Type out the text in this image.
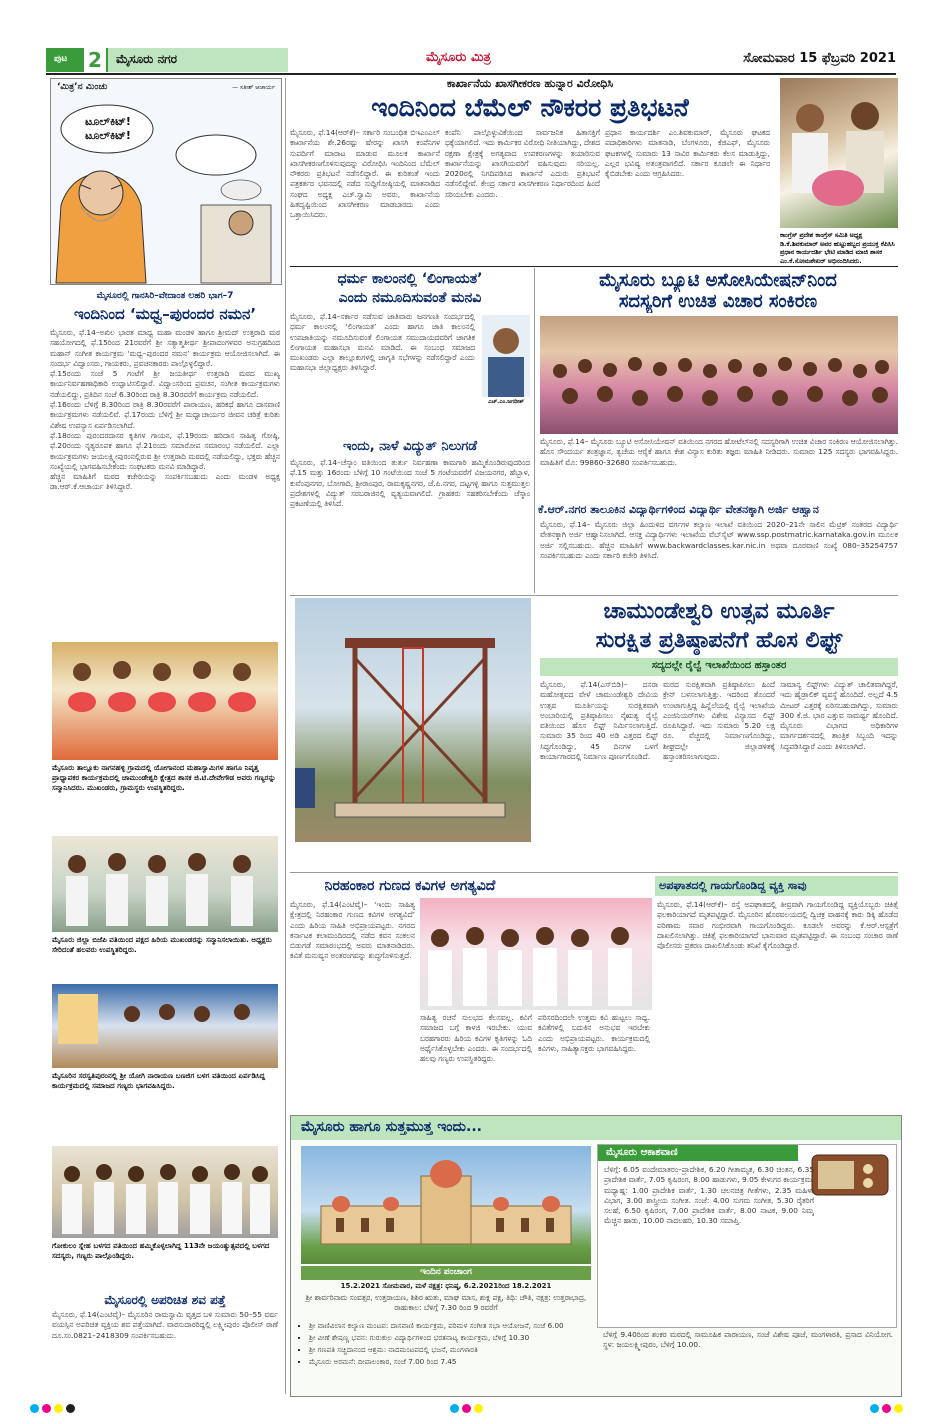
ಪುಟ 2	ಮೈಸೂರು ನಗರ	ಮೈಸೂರು ಮಿತ್ರ	ಸೋಮವಾರ 15 ಫೆಬ್ರವರಿ 2021
‘ಮಿತ್ರ’ನ ಮಿಂಚು	— ಸತೀಶ್ ಆಚಾರ್ಯ
ಟೂಲ್‌ಕಿಟ್! ಟೂಲ್‌ಕಿಟ್!
ಕಾರ್ಖಾನೆಯ ಖಾಸಗೀಕರಣ ಹುನ್ನಾರ ವಿರೋಧಿಸಿ
ಇಂದಿನಿಂದ ಬೆಮೆಲ್ ನೌಕರರ ಪ್ರತಿಭಟನೆ
ಮೈಸೂರು, ಫೆ.14(ಆರ್‌ಕೆ)– ಸರ್ಕಾರಿ ಸಂಬಂಧಿತ ಬಿಇಎಂಎಲ್ ಕಾರ್ಖಾನೆಯ ಶೇ.26ರಷ್ಟು ಷೇರನ್ನು ಖಾಸಗಿ ಕಂಪೆನಿಗಳ ಸುಪರ್ದಿಗೆ ಮಾರಾಟ ಮಾಡುವ ಮೂಲಕ ಕಾರ್ಖಾನೆ ಖಾಸಗೀಕರಣಗೊಳಿಸುವುದನ್ನು ವಿರೋಧಿಸಿ ಇಂದಿನಿಂದ ಬೆಮೆಲ್ ನೌಕರರು ಪ್ರತಿಭಟನೆ ನಡೆಸಲಿದ್ದಾರೆ. ಈ ಕುರಿತಂತೆ ಇಂದು ಪತ್ರಕರ್ತರ ಭವನದಲ್ಲಿ ನಡೆದ ಸುದ್ದಿಗೋಷ್ಠಿಯಲ್ಲಿ ಮಾತನಾಡಿದ ಸಂಘದ ಅಧ್ಯಕ್ಷ ಎಚ್.ಸ್ವಾಮಿ ಅವರು, ಕಾರ್ಖಾನೆಯ ಹಿತದೃಷ್ಟಿಯಿಂದ ಖಾಸಗೀಕರಣ ಮಾಡಬಾರದು ಎಂದು ಒತ್ತಾಯಿಸಿದರು.
ಕಂಪೆನಿ ಪಾಲ್ಗೊಳ್ಳುವಿಕೆಯಿಂದ ಸಾರ್ವಜನಿಕ ಹಿತಾಸಕ್ತಿಗೆ ಧಕ್ಕೆಯಾಗಲಿದೆ. ಇದು ಕಾರ್ಮಿಕರ ವಿರೋಧಿ ನೀತಿಯಾಗಿದ್ದು, ದೇಶದ ರಕ್ಷಣಾ ಕ್ಷೇತ್ರಕ್ಕೆ ಅಗತ್ಯವಾದ ಉಪಕರಣಗಳನ್ನು ತಯಾರಿಸುವ ಕಾರ್ಖಾನೆಯನ್ನು ಖಾಸಗಿಯವರಿಗೆ ವಹಿಸುವುದು ಸರಿಯಲ್ಲ. 2020ರಲ್ಲಿ ನಿಗದಿಪಡಿಸಿದ ಕಾರ್ಖಾನೆ ಎದುರು ಪ್ರತಿಭಟನೆ ನಡೆಸಲಿದ್ದೇವೆ. ಕೇಂದ್ರ ಸರ್ಕಾರ ಖಾಸಗೀಕರಣ ನಿರ್ಧಾರದಿಂದ ಹಿಂದೆ ಸರಿಯಬೇಕು ಎಂದರು.
ಪ್ರಧಾನ ಕಾರ್ಯದರ್ಶಿ ಎಂ.ಶಿವಕುಮಾರ್, ಮೈಸೂರು ಘಟಕದ ಪದಾಧಿಕಾರಿಗಳು ಮಾತನಾಡಿ, ಬೆಂಗಳೂರು, ಕೆಜಿಎಫ್, ಮೈಸೂರು ಘಟಕಗಳಲ್ಲಿ ಸುಮಾರು 13 ಸಾವಿರ ಕಾರ್ಮಿಕರು ಕೆಲಸ ಮಾಡುತ್ತಿದ್ದು, ಎಲ್ಲರ ಭವಿಷ್ಯ ಅತಂತ್ರವಾಗಲಿದೆ. ಸರ್ಕಾರ ಕೂಡಲೇ ಈ ನಿರ್ಧಾರ ಕೈಬಿಡಬೇಕು ಎಂದು ಆಗ್ರಹಿಸಿದರು.
ಕಾಂಗ್ರೆಸ್ ಪ್ರದೇಶ ಕಾಂಗ್ರೆಸ್ ಸಮಿತಿ ಅಧ್ಯಕ್ಷ ಡಿ.ಕೆ.ಶಿವಕುಮಾರ್ ಅವರ ಹುಟ್ಟುಹಬ್ಬದ ಪ್ರಯುಕ್ತ ಕೆಪಿಸಿಸಿ ಪ್ರಧಾನ ಕಾರ್ಯದರ್ಶಿ ಭೇಟಿ ಮಾಡಿದ ಮಾಜಿ ಶಾಸಕ ಎಂ.ಕೆ.ಸೋಮಶೇಖರ್ ಅಭಿನಂದಿಸಿದರು.
ಮೈಸೂರಲ್ಲಿ ಗಾನಸಿರಿ–ವೇದಾಂತ ಲಹರಿ ಭಾಗ–7
ಇಂದಿನಿಂದ ‘ಮಧ್ವ–ಪುರಂದರ ನಮನ’
ಮೈಸೂರು, ಫೆ.14–ಅಖಿಲ ಭಾರತ ಮಾಧ್ವ ಮಹಾ ಮಂಡಳಿ ಹಾಗೂ ಶ್ರೀಮದ್ ಉತ್ತರಾದಿ ಮಠ ಸಹಯೋಗದಲ್ಲಿ ಫೆ.15ರಿಂದ 21ರವರೆಗೆ ಶ್ರೀ ಸತ್ಯಾತ್ಮತೀರ್ಥ ಶ್ರೀಪಾದಂಗಳವರ ಅನುಗ್ರಹದಿಂದ ಮಹಾನ್ ಸಂಗೀತ ಕಾರ್ಯಕ್ರಮ ‘ಮಧ್ವ–ಪುರಂದರ ನಮನ’ ಕಾರ್ಯಕ್ರಮ ಆಯೋಜಿಸಲಾಗಿದೆ. ಈ ಸಂದರ್ಭ ವಿದ್ವಾಂಸರು, ಗಾಯಕರು, ಪ್ರವಚನಕಾರರು ಪಾಲ್ಗೊಳ್ಳಲಿದ್ದಾರೆ.
ಫೆ.15ರಂದು ಸಂಜೆ 5 ಗಂಟೆಗೆ ಶ್ರೀ ಜಯತೀರ್ಥ ಉತ್ತರಾದಿ ಮಠದ ಮುಖ್ಯ ಕಾರ್ಯನಿರ್ವಹಣಾಧಿಕಾರಿ ಉದ್ಘಾಟಿಸಲಿದ್ದಾರೆ. ವಿದ್ವಾಂಸರಿಂದ ಪ್ರವಚನ, ಸಂಗೀತ ಕಾರ್ಯಕ್ರಮಗಳು ನಡೆಯಲಿದ್ದು, ಪ್ರತಿದಿನ ಸಂಜೆ 6.30ರಿಂದ ರಾತ್ರಿ 8.30ರವರೆಗೆ ಕಾರ್ಯಕ್ರಮ ನಡೆಯಲಿದೆ.
ಫೆ.16ರಂದು ಬೆಳಿಗ್ಗೆ 8.30ರಿಂದ ರಾತ್ರಿ 8.30ರವರೆಗೆ ಪಾರಾಯಣ, ಹರಿಕಥೆ ಹಾಗೂ ದಾಸವಾಣಿ ಕಾರ್ಯಕ್ರಮಗಳು ನಡೆಯಲಿವೆ. ಫೆ.17ರಂದು ಬೆಳಿಗ್ಗೆ ಶ್ರೀ ಮಧ್ವಾಚಾರ್ಯರ ಜೀವನ ಚರಿತ್ರೆ ಕುರಿತು ವಿಶೇಷ ಉಪನ್ಯಾಸ ಏರ್ಪಡಿಸಲಾಗಿದೆ.
ಫೆ.18ರಂದು ಪುರಂದರದಾಸರ ಕೃತಿಗಳ ಗಾಯನ, ಫೆ.19ರಂದು ಹರಿದಾಸ ಸಾಹಿತ್ಯ ಗೋಷ್ಠಿ, ಫೆ.20ರಂದು ನೃತ್ಯರೂಪಕ ಹಾಗೂ ಫೆ.21ರಂದು ಸಮಾರೋಪ ಸಮಾರಂಭ ನಡೆಯಲಿದೆ. ಎಲ್ಲಾ ಕಾರ್ಯಕ್ರಮಗಳು ಜಯಲಕ್ಷ್ಮೀಪುರಂನಲ್ಲಿರುವ ಶ್ರೀ ಉತ್ತರಾದಿ ಮಠದಲ್ಲಿ ನಡೆಯಲಿದ್ದು, ಭಕ್ತರು ಹೆಚ್ಚಿನ ಸಂಖ್ಯೆಯಲ್ಲಿ ಭಾಗವಹಿಸಬೇಕೆಂದು ಸಂಘಟಕರು ಮನವಿ ಮಾಡಿದ್ದಾರೆ.
ಹೆಚ್ಚಿನ ಮಾಹಿತಿಗೆ ಮಠದ ಕಚೇರಿಯನ್ನು ಸಂಪರ್ಕಿಸಬಹುದು ಎಂದು ಮಂಡಳಿ ಅಧ್ಯಕ್ಷ ಡಾ.ಆರ್.ಕೆ.ಆಚಾರ್ಯ ತಿಳಿಸಿದ್ದಾರೆ.
ಧರ್ಮ ಕಾಲಂನಲ್ಲಿ ‘ಲಿಂಗಾಯತ’
ಎಂದು ನಮೂದಿಸುವಂತೆ ಮನವಿ
ಮೈಸೂರು, ಫೆ.14–ಸರ್ಕಾರ ನಡೆಸುವ ಜಾತಿವಾರು ಜನಗಣತಿ ಸಂದರ್ಭದಲ್ಲಿ ಧರ್ಮ ಕಾಲಂನಲ್ಲಿ ‘ಲಿಂಗಾಯತ’ ಎಂದು ಹಾಗೂ ಜಾತಿ ಕಾಲಂನಲ್ಲಿ ಉಪಜಾತಿಯನ್ನು ನಮೂದಿಸುವಂತೆ ಲಿಂಗಾಯತ ಸಮುದಾಯದವರಿಗೆ ಜಾಗತಿಕ ಲಿಂಗಾಯತ ಮಹಾಸಭಾ ಮನವಿ ಮಾಡಿದೆ. ಈ ಸಂಬಂಧ ಸಮಾಜದ ಮುಖಂಡರು ಎಲ್ಲಾ ತಾಲ್ಲೂಕುಗಳಲ್ಲಿ ಜಾಗೃತಿ ಸಭೆಗಳನ್ನು ನಡೆಸಲಿದ್ದಾರೆ ಎಂದು ಮಹಾಸಭಾ ಜಿಲ್ಲಾಧ್ಯಕ್ಷರು ತಿಳಿಸಿದ್ದಾರೆ.
ಎಚ್.ಎಂ.ಜಗದೀಶ್
ಇಂದು, ನಾಳೆ ವಿದ್ಯುತ್ ನಿಲುಗಡೆ
ಮೈಸೂರು, ಫೆ.14–ಚೆಸ್ಕಾಂ ವತಿಯಿಂದ ತುರ್ತು ನಿರ್ವಹಣಾ ಕಾಮಗಾರಿ ಹಮ್ಮಿಕೊಂಡಿರುವುದರಿಂದ ಫೆ.15 ಮತ್ತು 16ರಂದು ಬೆಳಿಗ್ಗೆ 10 ಗಂಟೆಯಿಂದ ಸಂಜೆ 5 ಗಂಟೆಯವರೆಗೆ ವಿಜಯನಗರ, ಹೆಬ್ಬಾಳ, ಕುವೆಂಪುನಗರ, ಬೋಗಾದಿ, ಶ್ರೀರಾಂಪುರ, ರಾಮಕೃಷ್ಣನಗರ, ಜೆ.ಪಿ.ನಗರ, ದಟ್ಟಗಳ್ಳಿ ಹಾಗೂ ಸುತ್ತಮುತ್ತಲ ಪ್ರದೇಶಗಳಲ್ಲಿ ವಿದ್ಯುತ್ ಸರಬರಾಜಿನಲ್ಲಿ ವ್ಯತ್ಯಯವಾಗಲಿದೆ. ಗ್ರಾಹಕರು ಸಹಕರಿಸಬೇಕೆಂದು ಚೆಸ್ಕಾಂ ಪ್ರಕಟಣೆಯಲ್ಲಿ ತಿಳಿಸಿದೆ.
ಮೈಸೂರು ಬ್ಯೂಟಿ ಅಸೋಸಿಯೇಷನ್‌ನಿಂದ
ಸದಸ್ಯರಿಗೆ ಉಚಿತ ವಿಚಾರ ಸಂಕಿರಣ
ಮೈಸೂರು, ಫೆ.14– ಮೈಸೂರು ಬ್ಯೂಟಿ ಅಸೋಸಿಯೇಷನ್ ವತಿಯಿಂದ ನಗರದ ಹೋಟೆಲ್‌ನಲ್ಲಿ ಸದಸ್ಯರಿಗಾಗಿ ಉಚಿತ ವಿಚಾರ ಸಂಕಿರಣ ಆಯೋಜಿಸಲಾಗಿತ್ತು. ಹೊಸ ಸೌಂದರ್ಯ ತಂತ್ರಜ್ಞಾನ, ತ್ವಚೆಯ ಆರೈಕೆ ಹಾಗೂ ಕೇಶ ವಿನ್ಯಾಸ ಕುರಿತು ತಜ್ಞರು ಮಾಹಿತಿ ನೀಡಿದರು. ಸುಮಾರು 125 ಸದಸ್ಯರು ಭಾಗವಹಿಸಿದ್ದರು. ಮಾಹಿತಿಗೆ ಮೊ: 99860-32680 ಸಂಪರ್ಕಿಸಬಹುದು.
ಕೆ.ಆರ್.ನಗರ ತಾಲೂಕಿನ ವಿದ್ಯಾರ್ಥಿಗಳಿಂದ ವಿದ್ಯಾರ್ಥಿ ವೇತನಕ್ಕಾಗಿ ಅರ್ಜಿ ಆಹ್ವಾನ
ಮೈಸೂರು, ಫೆ.14– ಮೈಸೂರು ಜಿಲ್ಲಾ ಹಿಂದುಳಿದ ವರ್ಗಗಳ ಕಲ್ಯಾಣ ಇಲಾಖೆ ವತಿಯಿಂದ 2020–21ನೇ ಸಾಲಿನ ಮೆಟ್ರಿಕ್ ನಂತರದ ವಿದ್ಯಾರ್ಥಿ ವೇತನಕ್ಕಾಗಿ ಅರ್ಜಿ ಆಹ್ವಾನಿಸಲಾಗಿದೆ. ಆಸಕ್ತ ವಿದ್ಯಾರ್ಥಿಗಳು ಇಲಾಖೆಯ ವೆಬ್‌ಸೈಟ್ www.ssp.postmatric.karnataka.gov.in ಮೂಲಕ ಅರ್ಜಿ ಸಲ್ಲಿಸಬಹುದು. ಹೆಚ್ಚಿನ ಮಾಹಿತಿಗೆ www.backwardclasses.kar.nic.in ಅಥವಾ ದೂರವಾಣಿ ಸಂಖ್ಯೆ 080–35254757 ಸಂಪರ್ಕಿಸಬಹುದು ಎಂದು ಸರ್ಕಾರಿ ಕಚೇರಿ ತಿಳಿಸಿದೆ.
ಚಾಮುಂಡೇಶ್ವರಿ ಉತ್ಸವ ಮೂರ್ತಿ
ಸುರಕ್ಷಿತ ಪ್ರತಿಷ್ಠಾಪನೆಗೆ ಹೊಸ ಲಿಫ್ಟ್
ಸದ್ಯದಲ್ಲೇ ರೈಲ್ವೆ ಇಲಾಖೆಯಿಂದ ಹಸ್ತಾಂತರ
ಮೈಸೂರು, ಫೆ.14(ಎಸ್‌ಬಿಡಿ)– ದಸರಾ ಮಹೋತ್ಸವದ ವೇಳೆ ಚಾಮುಂಡೇಶ್ವರಿ ದೇವಿಯ ಉತ್ಸವ ಮೂರ್ತಿಯನ್ನು ಸುರಕ್ಷಿತವಾಗಿ ಅಂಬಾರಿಯಲ್ಲಿ ಪ್ರತಿಷ್ಠಾಪಿಸಲು ನೈಋತ್ಯ ರೈಲ್ವೆ ವತಿಯಿಂದ ಹೊಸ ಲಿಫ್ಟ್ ನಿರ್ಮಿಸಲಾಗುತ್ತಿದೆ. ಸುಮಾರು 35 ರಿಂದ 40 ಅಡಿ ಎತ್ತರದ ಲಿಫ್ಟ್ ಸಿದ್ಧಗೊಂಡಿದ್ದು, 45 ದಿನಗಳ ಒಳಗೆ ಕಾರ್ಯಾಗಾರದಲ್ಲಿ ನಿರ್ಮಾಣ ಪೂರ್ಣಗೊಂಡಿದೆ.
ಮರದ ಸುರಕ್ಷಿತವಾಗಿ ಪ್ರತಿಷ್ಠಾಪಿಸಲು ಹಿಂದೆ ಕ್ರೇನ್ ಬಳಸಲಾಗುತ್ತಿತ್ತು. ಇದರಿಂದ ತೊಂದರೆ ಉಂಟಾಗುತ್ತಿದ್ದ ಹಿನ್ನೆಲೆಯಲ್ಲಿ ರೈಲ್ವೆ ಇಲಾಖೆಯ ಎಂಜಿನಿಯರ್‌ಗಳು ವಿಶೇಷ ವಿನ್ಯಾಸದ ಲಿಫ್ಟ್ ರೂಪಿಸಿದ್ದಾರೆ. ಇದು ಸುಮಾರು 5.20 ಲಕ್ಷ ರೂ. ವೆಚ್ಚದಲ್ಲಿ ನಿರ್ಮಾಣಗೊಂಡಿದ್ದು, ಶೀಘ್ರದಲ್ಲೇ ಜಿಲ್ಲಾಡಳಿತಕ್ಕೆ ಹಸ್ತಾಂತರಿಸಲಾಗುವುದು.
ಸಾಮಾನ್ಯ ಲಿಫ್ಟ್‌ಗಳು ವಿದ್ಯುತ್ ಚಾಲಿತವಾಗಿದ್ದರೆ, ಇದು ಹೈಡ್ರಾಲಿಕ್ ವ್ಯವಸ್ಥೆ ಹೊಂದಿದೆ. ಅಲ್ಲದೆ 4.5 ಮೀಟರ್ ಎತ್ತರಕ್ಕೆ ಏರಿಸಬಹುದಾಗಿದ್ದು, ಸುಮಾರು 300 ಕೆ.ಜಿ. ಭಾರ ಎತ್ತುವ ಸಾಮರ್ಥ್ಯ ಹೊಂದಿದೆ. ಮೈಸೂರು ವಿಭಾಗದ ಅಧಿಕಾರಿಗಳ ಮಾರ್ಗದರ್ಶನದಲ್ಲಿ ತಾಂತ್ರಿಕ ಸಿಬ್ಬಂದಿ ಇದನ್ನು ಸಿದ್ಧಪಡಿಸಿದ್ದಾರೆ ಎಂದು ತಿಳಿಸಲಾಗಿದೆ.
ಮೈಸೂರು ತಾಲ್ಲೂಕು ನಾಗನಹಳ್ಳಿ ಗ್ರಾಮದಲ್ಲಿ ಯೋಗಾನಂದ ಮಹಾಸ್ವಾಮಿಗಳ ಹಾಗೂ ನಿವೃತ್ತ ಪ್ರಾಧ್ಯಾಪಕರ ಕಾರ್ಯಕ್ರಮದಲ್ಲಿ ಚಾಮುಂಡೇಶ್ವರಿ ಕ್ಷೇತ್ರದ ಶಾಸಕ ಜಿ.ಟಿ.ದೇವೇಗೌಡ ಅವರು ಗಣ್ಯರನ್ನು ಸನ್ಮಾನಿಸಿದರು. ಮುಖಂಡರು, ಗ್ರಾಮಸ್ಥರು ಉಪಸ್ಥಿತರಿದ್ದರು.
ಮೈಸೂರು ಜಿಲ್ಲಾ ಬಿಜೆಪಿ ವತಿಯಿಂದ ಪಕ್ಷದ ಹಿರಿಯ ಮುಖಂಡರನ್ನು ಸನ್ಮಾನಿಸಲಾಯಿತು. ಅಧ್ಯಕ್ಷರು ಸೇರಿದಂತೆ ಹಲವರು ಉಪಸ್ಥಿತರಿದ್ದರು.
ಮೈಸೂರಿನ ಸರಸ್ವತಿಪುರಂನಲ್ಲಿ ಶ್ರೀ ಯೋಗಿ ನಾರಾಯಣ ಬಣಜಿಗ ಬಳಗ ವತಿಯಿಂದ ಏರ್ಪಡಿಸಿದ್ದ ಕಾರ್ಯಕ್ರಮದಲ್ಲಿ ಸಮಾಜದ ಗಣ್ಯರು ಭಾಗವಹಿಸಿದ್ದರು.
ಗೋಕುಲಂ ಸ್ನೇಹ ಬಳಗದ ವತಿಯಿಂದ ಹಮ್ಮಿಕೊಳ್ಳಲಾಗಿದ್ದ 113ನೇ ಜಯಂತ್ಯುತ್ಸವದಲ್ಲಿ ಬಳಗದ ಸದಸ್ಯರು, ಗಣ್ಯರು ಪಾಲ್ಗೊಂಡಿದ್ದರು.
ಮೈಸೂರಲ್ಲಿ ಅಪರಿಚಿತ ಶವ ಪತ್ತೆ
ಮೈಸೂರು, ಫೆ.14(ಎಂಟಿವೈ)– ಮೈಸೂರಿನ ರಾಮಸ್ವಾಮಿ ವೃತ್ತದ ಬಳಿ ಸುಮಾರು 50–55 ವರ್ಷ ವಯಸ್ಸಿನ ಅಪರಿಚಿತ ವ್ಯಕ್ತಿಯ ಶವ ಪತ್ತೆಯಾಗಿದೆ. ವಾರಸುದಾರರಿದ್ದಲ್ಲಿ ಲಕ್ಷ್ಮೀಪುರಂ ಪೊಲೀಸ್ ಠಾಣೆ ದೂ.ಸಂ.0821–2418309 ಸಂಪರ್ಕಿಸಬಹುದು.
ನಿರಹಂಕಾರ ಗುಣದ ಕವಿಗಳ ಅಗತ್ಯವಿದೆ
ಮೈಸೂರು, ಫೆ.14(ಎಂಟಿವೈ)– ‘ಇಂದು ಸಾಹಿತ್ಯ ಕ್ಷೇತ್ರದಲ್ಲಿ ನಿರಹಂಕಾರ ಗುಣದ ಕವಿಗಳ ಅಗತ್ಯವಿದೆ’ ಎಂದು ಹಿರಿಯ ಸಾಹಿತಿ ಅಭಿಪ್ರಾಯಪಟ್ಟರು. ನಗರದ ಕರ್ನಾಟಕ ಕಲಾಮಂದಿರದಲ್ಲಿ ನಡೆದ ಕವನ ಸಂಕಲನ ಬಿಡುಗಡೆ ಸಮಾರಂಭದಲ್ಲಿ ಅವರು ಮಾತನಾಡಿದರು. ಕವಿತೆ ಮನುಷ್ಯನ ಅಂತರಂಗವನ್ನು ಶುದ್ಧಗೊಳಿಸುತ್ತದೆ.
ಸಾಹಿತ್ಯ ರಚನೆ ಸುಲಭದ ಕೆಲಸವಲ್ಲ. ಕವಿಗೆ ಸಮಾಜದ ಬಗ್ಗೆ ಕಾಳಜಿ ಇರಬೇಕು. ಯುವ ಬರಹಗಾರರು ಹಿರಿಯ ಕವಿಗಳ ಕೃತಿಗಳನ್ನು ಓದಿ ಅರ್ಥೈಸಿಕೊಳ್ಳಬೇಕು ಎಂದರು. ಈ ಸಂದರ್ಭದಲ್ಲಿ ಹಲವು ಗಣ್ಯರು ಉಪಸ್ಥಿತರಿದ್ದರು.
ಪರಿಸರದಿಂದಲೇ ಉತ್ತಮ ಕವಿ ಹುಟ್ಟಲು ಸಾಧ್ಯ. ಕವಿತೆಗಳಲ್ಲಿ ಬದುಕಿನ ಅನುಭವ ಇರಬೇಕು ಎಂದು ಅಭಿಪ್ರಾಯಪಟ್ಟರು. ಕಾರ್ಯಕ್ರಮದಲ್ಲಿ ಕವಿಗಳು, ಸಾಹಿತ್ಯಾಸಕ್ತರು ಭಾಗವಹಿಸಿದ್ದರು.
ಅಪಘಾತದಲ್ಲಿ ಗಾಯಗೊಂಡಿದ್ದ ವ್ಯಕ್ತಿ ಸಾವು
ಮೈಸೂರು, ಫೆ.14(ಆರ್‌ಕೆ)– ರಸ್ತೆ ಅಪಘಾತದಲ್ಲಿ ತೀವ್ರವಾಗಿ ಗಾಯಗೊಂಡಿದ್ದ ವ್ಯಕ್ತಿಯೊಬ್ಬರು ಚಿಕಿತ್ಸೆ ಫಲಕಾರಿಯಾಗದೆ ಮೃತಪಟ್ಟಿದ್ದಾರೆ. ಮೈಸೂರಿನ ಹೊರವಲಯದಲ್ಲಿ ದ್ವಿಚಕ್ರ ವಾಹನಕ್ಕೆ ಕಾರು ಡಿಕ್ಕಿ ಹೊಡೆದ ಪರಿಣಾಮ ಸವಾರ ಗಂಭೀರವಾಗಿ ಗಾಯಗೊಂಡಿದ್ದರು. ಕೂಡಲೇ ಅವರನ್ನು ಕೆ.ಆರ್.ಆಸ್ಪತ್ರೆಗೆ ದಾಖಲಿಸಲಾಗಿತ್ತು. ಚಿಕಿತ್ಸೆ ಫಲಕಾರಿಯಾಗದೆ ಭಾನುವಾರ ಮೃತಪಟ್ಟಿದ್ದಾರೆ. ಈ ಸಂಬಂಧ ಸಂಚಾರ ಠಾಣೆ ಪೊಲೀಸರು ಪ್ರಕರಣ ದಾಖಲಿಸಿಕೊಂಡು ತನಿಖೆ ಕೈಗೊಂಡಿದ್ದಾರೆ.
ಮೈಸೂರು ಹಾಗೂ ಸುತ್ತಮುತ್ತ ಇಂದು...
ಇಂದಿನ ಪಂಚಾಂಗ
15.2.2021 ಸೋಮವಾರ, ಮಳೆ ನಕ್ಷತ್ರ: ಧನಿಷ್ಠ, 6.2.2021ರಿಂದ 18.2.2021
ಶ್ರೀ ಶಾರ್ವರಿನಾಮ ಸಂವತ್ಸರ, ಉತ್ತರಾಯಣ, ಶಿಶಿರ ಋತು, ಮಾಘ ಮಾಸ, ಶುಕ್ಲ ಪಕ್ಷ, ತಿಥಿ: ಚೌತಿ, ನಕ್ಷತ್ರ: ಉತ್ತರಾಭಾದ್ರ, ರಾಹುಕಾಲ: ಬೆಳಿಗ್ಗೆ 7.30 ರಿಂದ 9 ರವರೆಗೆ
ಮೈಸೂರು ಆಕಾಶವಾಣಿ
ಬೆಳಿಗ್ಗೆ: 6.05 ವಂದೇಮಾತರಂ–ಪ್ರಾದೇಶಿಕ, 6.20 ಗೀತಾಮೃತ, 6.30 ಚಿಂತನ, 6.35 ಪ್ರಾದೇಶಿಕ ವಾರ್ತೆ, 7.05 ಕೃಷಿರಂಗ, 8.00 ಹಾಡುಗಳು, 9.05 ಕೇಳುಗರ ಕಾರ್ಯಕ್ರಮ. ಮಧ್ಯಾಹ್ನ: 1.00 ಪ್ರಾದೇಶಿಕ ವಾರ್ತೆ, 1.30 ಚಲನಚಿತ್ರ ಗೀತೆಗಳು, 2.35 ಮಹಿಳಾ ವಿಭಾಗ, 3.00 ಶಾಸ್ತ್ರೀಯ ಸಂಗೀತ. ಸಂಜೆ: 4.00 ಸುಗಮ ಸಂಗೀತ, 5.30 ರೈತರಿಗೆ ಸಲಹೆ, 6.50 ಕೃಷಿರಂಗ, 7.00 ಪ್ರಾದೇಶಿಕ ವಾರ್ತೆ, 8.00 ನಾಟಕ, 9.00 ನಿಮ್ಮ ಮೆಚ್ಚಿನ ಹಾಡು, 10.00 ನಾದಲಹರಿ, 10.30 ಸಮಾಪ್ತಿ.
▪ ಶ್ರೀ ವಾಣಿವಿಲಾಸ ಕಲ್ಯಾಣ ಮಂಟಪ: ದಾಸವಾಣಿ ಕಾರ್ಯಕ್ರಮ, ಪರಿಮಳ ಸಂಗೀತ ಸಭಾ ಆಯೋಜನೆ, ಸಂಜೆ 6.00
▪ ಶ್ರೀ ವೀಣೆ ಶೇಷಣ್ಣ ಭವನ: ಗುರುಕುಲ ವಿದ್ಯಾರ್ಥಿಗಳಿಂದ ಭರತನಾಟ್ಯ ಕಾರ್ಯಕ್ರಮ, ಬೆಳಿಗ್ಗೆ 10.30
▪ ಶ್ರೀ ಗಣಪತಿ ಸಚ್ಚಿದಾನಂದ ಆಶ್ರಮ: ನಾದಮಂಟಪದಲ್ಲಿ ಭಜನೆ, ಮಂಗಳಾರತಿ
▪ ಮೈಸೂರು ಅರಮನೆ: ದೀಪಾಲಂಕಾರ, ಸಂಜೆ 7.00 ರಿಂದ 7.45
ಬೆಳಿಗ್ಗೆ 9.40ರಿಂದ ಶಂಕರ ಮಠದಲ್ಲಿ ಸಾಮೂಹಿಕ ಪಾರಾಯಣ, ಸಂಜೆ ವಿಶೇಷ ಪೂಜೆ, ಮಂಗಳಾರತಿ, ಪ್ರಸಾದ ವಿನಿಯೋಗ. ಸ್ಥಳ: ಜಯಲಕ್ಷ್ಮೀಪುರಂ, ಬೆಳಿಗ್ಗೆ 10.00.
